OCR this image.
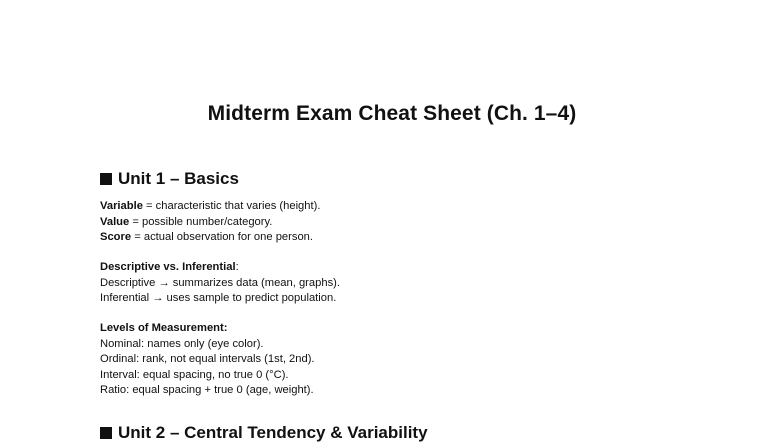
Midterm Exam Cheat Sheet (Ch. 1–4)
Unit 1 – Basics
Variable = characteristic that varies (height).
Value = possible number/category.
Score = actual observation for one person.
Descriptive vs. Inferential:
Descriptive → summarizes data (mean, graphs).
Inferential → uses sample to predict population.
Levels of Measurement:
Nominal: names only (eye color).
Ordinal: rank, not equal intervals (1st, 2nd).
Interval: equal spacing, no true 0 (°C).
Ratio: equal spacing + true 0 (age, weight).
Unit 2 – Central Tendency & Variability
